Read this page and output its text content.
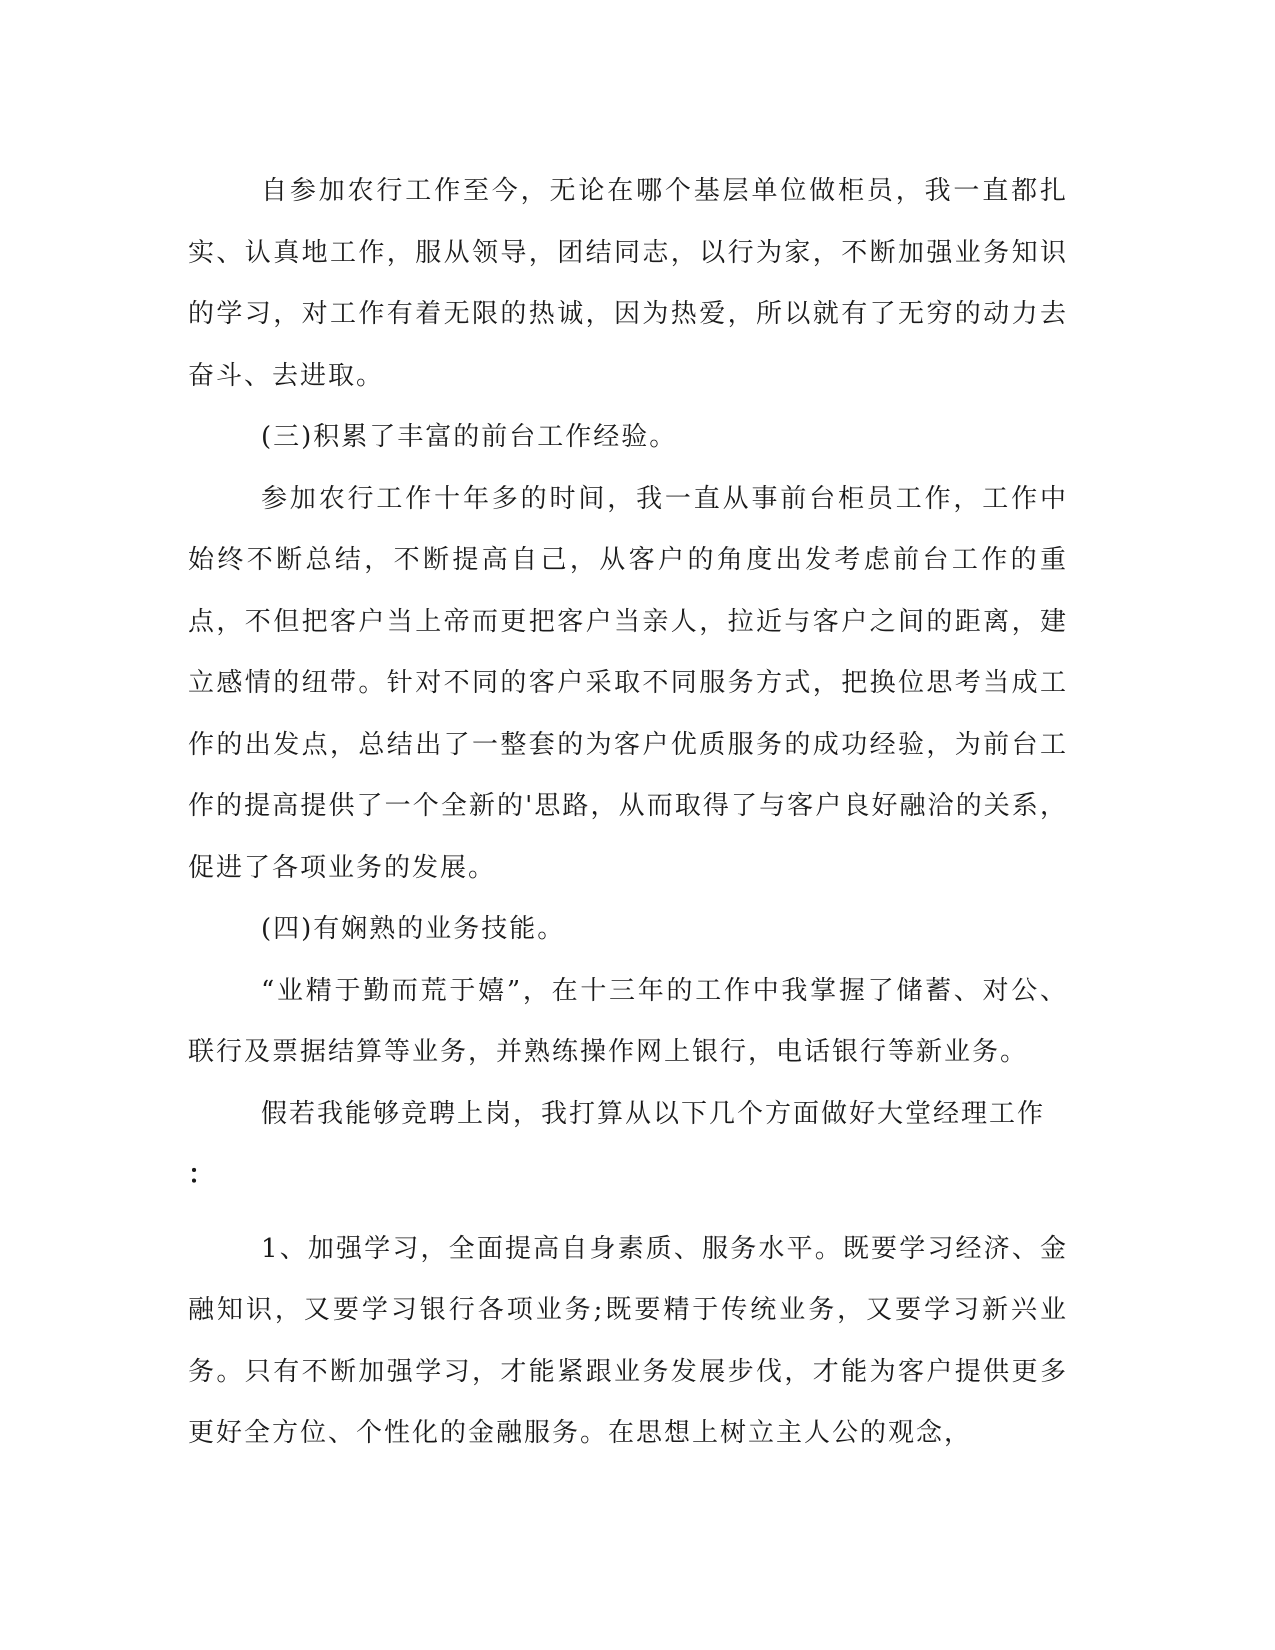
自参加农行工作至今，无论在哪个基层单位做柜员，我一直都扎实、认真地工作，服从领导，团结同志，以行为家，不断加强业务知识的学习，对工作有着无限的热诚，因为热爱，所以就有了无穷的动力去奋斗、去进取。

(三)积累了丰富的前台工作经验。

参加农行工作十年多的时间，我一直从事前台柜员工作，工作中始终不断总结，不断提高自己，从客户的角度出发考虑前台工作的重点，不但把客户当上帝而更把客户当亲人，拉近与客户之间的距离，建立感情的纽带。针对不同的客户采取不同服务方式，把换位思考当成工作的出发点，总结出了一整套的为客户优质服务的成功经验，为前台工作的提高提供了一个全新的'思路，从而取得了与客户良好融洽的关系，促进了各项业务的发展。

(四)有娴熟的业务技能。

“业精于勤而荒于嬉”，在十三年的工作中我掌握了储蓄、对公、联行及票据结算等业务，并熟练操作网上银行，电话银行等新业务。

假若我能够竞聘上岗，我打算从以下几个方面做好大堂经理工作

：

1、加强学习，全面提高自身素质、服务水平。既要学习经济、金融知识，又要学习银行各项业务;既要精于传统业务，又要学习新兴业务。只有不断加强学习，才能紧跟业务发展步伐，才能为客户提供更多更好全方位、个性化的金融服务。在思想上树立主人公的观念，
